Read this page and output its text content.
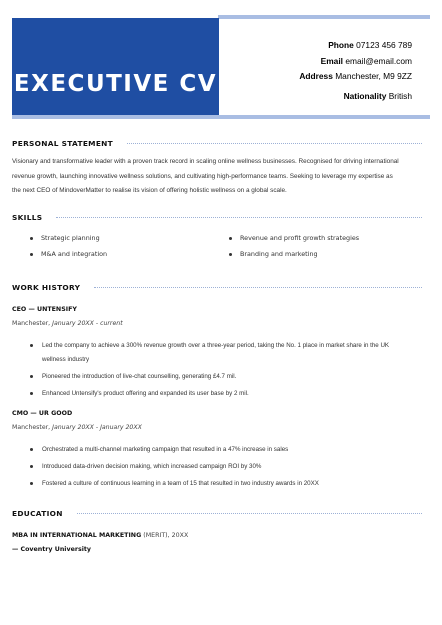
EXECUTIVE CV
Phone 07123 456 789
Email email@email.com
Address Manchester, M9 9ZZ
Nationality British
PERSONAL STATEMENT
Visionary and transformative leader with a proven track record in scaling online wellness businesses. Recognised for driving international
revenue growth, launching innovative wellness solutions, and cultivating high-performance teams. Seeking to leverage my expertise as
the next CEO of MindoverMatter to realise its vision of offering holistic wellness on a global scale.
SKILLS
Strategic planning	Revenue and profit growth strategies
M&A and integration	Branding and marketing
WORK HISTORY
CEO — UNTENSIFY
Manchester, January 20XX - current
Led the company to achieve a 300% revenue growth over a three-year period, taking the No. 1 place in market share in the UK
wellness industry
Pioneered the introduction of live-chat counselling, generating £4.7 mil.
Enhanced Untensify's product offering and expanded its user base by 2 mil.
CMO — UR GOOD
Manchester, January 20XX - January 20XX
Orchestrated a multi-channel marketing campaign that resulted in a 47% increase in sales
Introduced data-driven decision making, which increased campaign ROI by 30%
Fostered a culture of continuous learning in a team of 15 that resulted in two industry awards in 20XX
EDUCATION
MBA IN INTERNATIONAL MARKETING (MERIT), 20XX
— Coventry University
